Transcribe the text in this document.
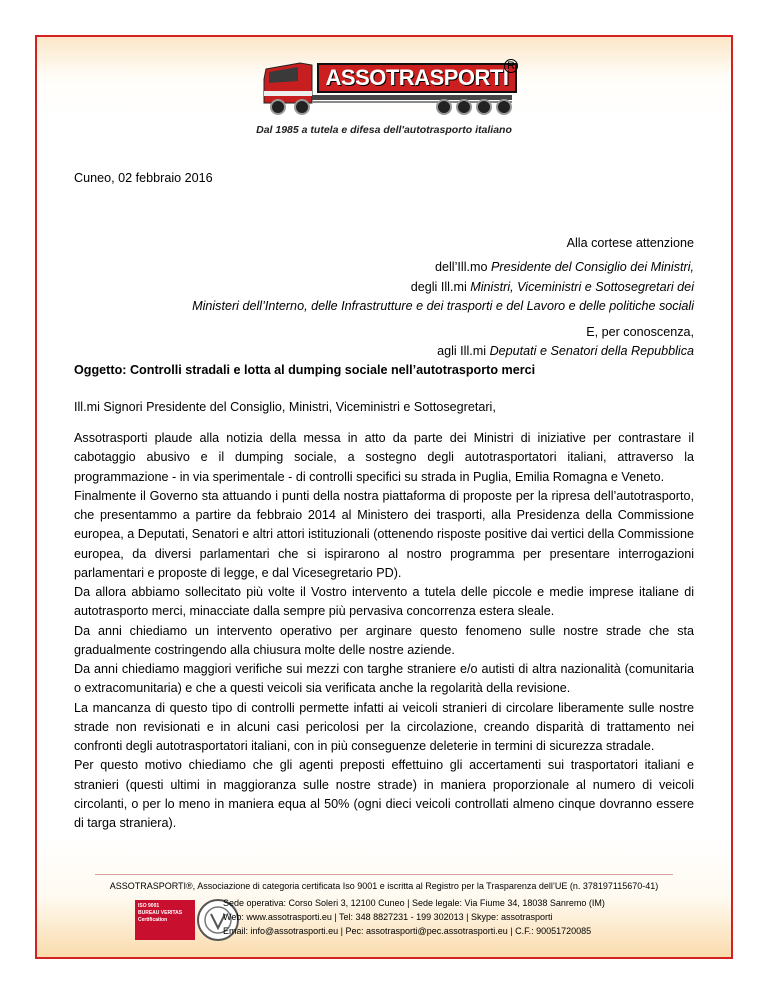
ASSOTRASPORTI
R
Dal 1985 a tutela e difesa dell'autotrasporto italiano
Cuneo, 02 febbraio 2016
Alla cortese attenzione
dell’Ill.mo Presidente del Consiglio dei Ministri,
degli Ill.mi Ministri, Viceministri e Sottosegretari dei
Ministeri dell’Interno, delle Infrastrutture e dei trasporti e del Lavoro e delle politiche sociali
E, per conoscenza,
agli Ill.mi Deputati e Senatori della Repubblica
Oggetto: Controlli stradali e lotta al dumping sociale nell’autotrasporto merci
Ill.mi Signori Presidente del Consiglio, Ministri, Viceministri e Sottosegretari,

Assotrasporti plaude alla notizia della messa in atto da parte dei Ministri di iniziative per contrastare il cabotaggio abusivo e il dumping sociale, a sostegno degli autotrasportatori italiani, attraverso la programmazione - in via sperimentale - di controlli specifici su strada in Puglia, Emilia Romagna e Veneto.

Finalmente il Governo sta attuando i punti della nostra piattaforma di proposte per la ripresa dell’autotrasporto, che presentammo a partire da febbraio 2014 al Ministero dei trasporti, alla Presidenza della Commissione europea, a Deputati, Senatori e altri attori istituzionali (ottenendo risposte positive dai vertici della Commissione europea, da diversi parlamentari che si ispirarono al nostro programma per presentare interrogazioni parlamentari e proposte di legge, e dal Vicesegretario PD).

Da allora abbiamo sollecitato più volte il Vostro intervento a tutela delle piccole e medie imprese italiane di autotrasporto merci, minacciate dalla sempre più pervasiva concorrenza estera sleale.

Da anni chiediamo un intervento operativo per arginare questo fenomeno sulle nostre strade che sta gradualmente costringendo alla chiusura molte delle nostre aziende.

Da anni chiediamo maggiori verifiche sui mezzi con targhe straniere e/o autisti di altra nazionalità (comunitaria o extracomunitaria) e che a questi veicoli sia verificata anche la regolarità della revisione.

La mancanza di questo tipo di controlli permette infatti ai veicoli stranieri di circolare liberamente sulle nostre strade non revisionati e in alcuni casi pericolosi per la circolazione, creando disparità di trattamento nei confronti degli autotrasportatori italiani, con in più conseguenze deleterie in termini di sicurezza stradale.

Per questo motivo chiediamo che gli agenti preposti effettuino gli accertamenti sui trasportatori italiani e stranieri (questi ultimi in maggioranza sulle nostre strade) in maniera proporzionale al numero di veicoli circolanti, o per lo meno in maniera equa al 50% (ogni dieci veicoli controllati almeno cinque dovranno essere di targa straniera).

ASSOTRASPORTI®, Associazione di categoria certificata Iso 9001 e iscritta al Registro per la Trasparenza dell’UE (n. 378197115670-41)
ISO 9001
BUREAU VERITAS
Certification
Sede operativa: Corso Soleri 3, 12100 Cuneo | Sede legale: Via Fiume 34, 18038 Sanremo (IM)
Web: www.assotrasporti.eu | Tel: 348 8827231 - 199 302013 | Skype: assotrasporti
Email: info@assotrasporti.eu | Pec: assotrasporti@pec.assotrasporti.eu | C.F.: 90051720085
